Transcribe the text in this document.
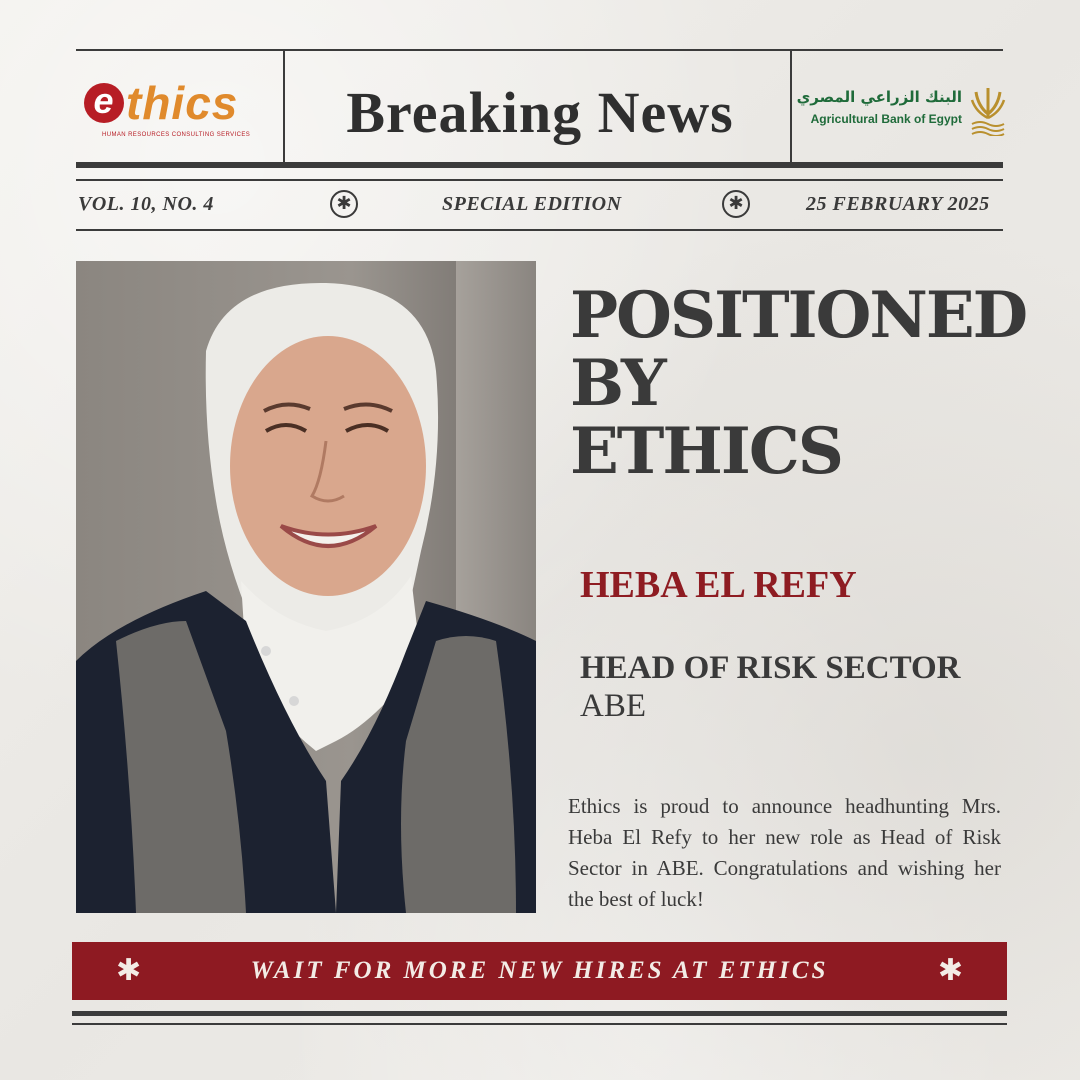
e thics
HUMAN RESOURCES CONSULTING SERVICES	Breaking News	البنك الزراعي المصري
Agricultural Bank of Egypt
VOL. 10, NO. 4	✱	SPECIAL EDITION	✱	25 FEBRUARY 2025
POSITIONED
BY
ETHICS
HEBA EL REFY
HEAD OF RISK SECTOR
ABE
Ethics is proud to announce headhunting Mrs. Heba El Refy to her new role as Head of Risk Sector in ABE. Congratulations and wishing her the best of luck!
✱	WAIT FOR MORE NEW HIRES AT ETHICS	✱
